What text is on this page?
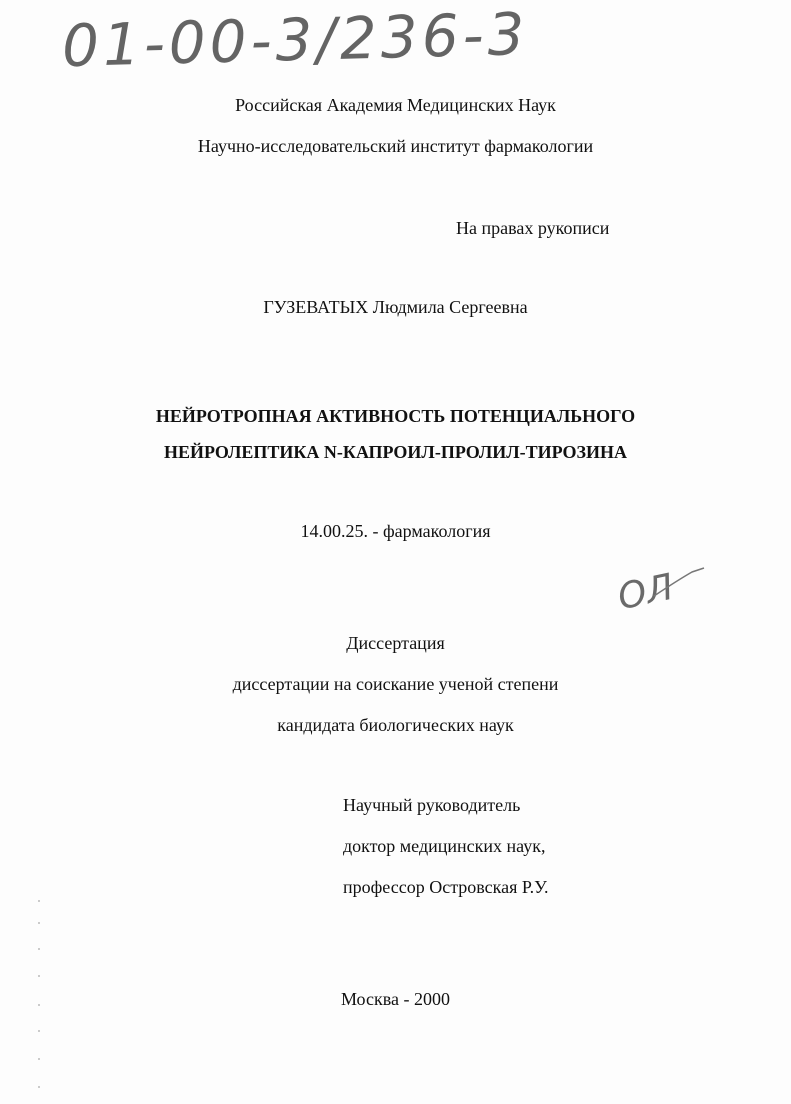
01-00-3/236-3
Российская Академия Медицинских Наук
Научно-исследовательский институт фармакологии
На правах рукописи
ГУЗЕВАТЫХ Людмила Сергеевна
НЕЙРОТРОПНАЯ АКТИВНОСТЬ ПОТЕНЦИАЛЬНОГО
НЕЙРОЛЕПТИКА N-КАПРОИЛ-ПРОЛИЛ-ТИРОЗИНА
14.00.25. - фармакология
ОЛ
Диссертация
диссертации на соискание ученой степени
кандидата биологических наук
Научный руководитель
доктор медицинских наук,
профессор Островская Р.У.
Москва - 2000
